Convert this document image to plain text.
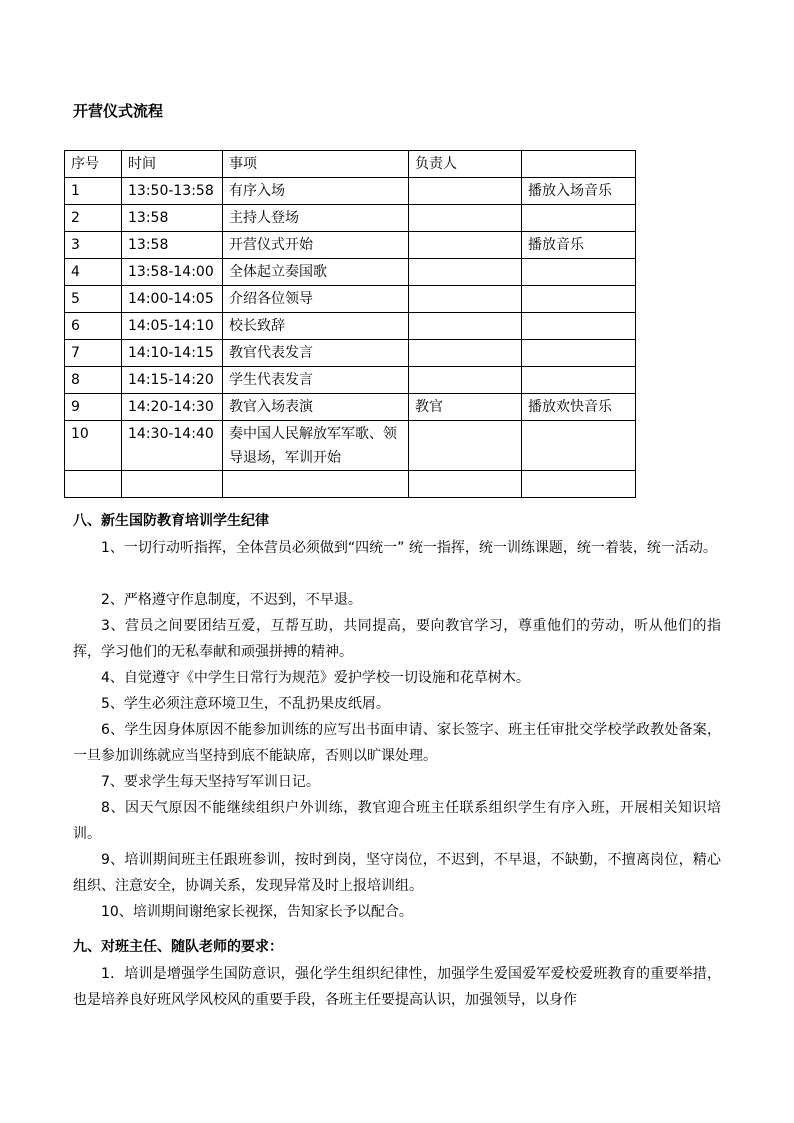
开营仪式流程
序号	时间	事项	负责人	
1	13:50-13:58	有序入场		播放入场音乐
2	13:58	主持人登场		
3	13:58	开营仪式开始		播放音乐
4	13:58-14:00	全体起立奏国歌		
5	14:00-14:05	介绍各位领导		
6	14:05-14:10	校长致辞		
7	14:10-14:15	教官代表发言		
8	14:15-14:20	学生代表发言		
9	14:20-14:30	教官入场表演	教官	播放欢快音乐
10	14:30-14:40	奏中国人民解放军军歌、领导退场，军训开始		

八、新生国防教育培训学生纪律

1、一切行动听指挥，全体营员必须做到“四统一” 统一指挥，统一训练课题，统一着装，统一活动。

2、严格遵守作息制度，不迟到，不早退。

3、营员之间要团结互爱，互帮互助，共同提高，要向教官学习，尊重他们的劳动，听从他们的指挥，学习他们的无私奉献和顽强拼搏的精神。

4、自觉遵守《中学生日常行为规范》爱护学校一切设施和花草树木。

5、学生必须注意环境卫生，不乱扔果皮纸屑。

6、学生因身体原因不能参加训练的应写出书面申请、家长签字、班主任审批交学校学政教处备案，一旦参加训练就应当坚持到底不能缺席，否则以旷课处理。

7、要求学生每天坚持写军训日记。

8、因天气原因不能继续组织户外训练，教官迎合班主任联系组织学生有序入班，开展相关知识培训。

9、培训期间班主任跟班参训，按时到岗，坚守岗位，不迟到，不早退，不缺勤，不擅离岗位，精心组织、注意安全，协调关系，发现异常及时上报培训组。

10、培训期间谢绝家长视探，告知家长予以配合。

九、对班主任、随队老师的要求：

1．培训是增强学生国防意识，强化学生组织纪律性，加强学生爱国爱军爱校爱班教育的重要举措，也是培养良好班风学风校风的重要手段，各班主任要提高认识，加强领导，以身作
